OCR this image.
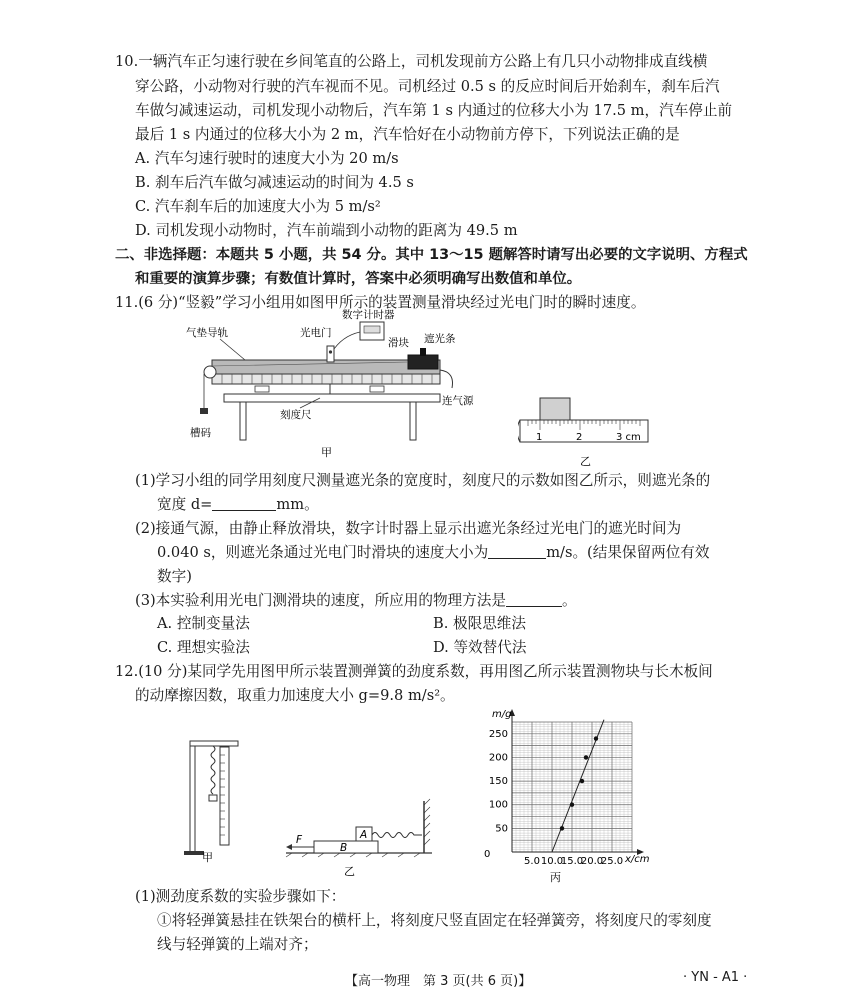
10.一辆汽车正匀速行驶在乡间笔直的公路上，司机发现前方公路上有几只小动物排成直线横
穿公路，小动物对行驶的汽车视而不见。司机经过 0.5 s 的反应时间后开始刹车，刹车后汽
车做匀减速运动，司机发现小动物后，汽车第 1 s 内通过的位移大小为 17.5 m，汽车停止前
最后 1 s 内通过的位移大小为 2 m，汽车恰好在小动物前方停下，下列说法正确的是
A. 汽车匀速行驶时的速度大小为 20 m/s
B. 刹车后汽车做匀减速运动的时间为 4.5 s
C. 汽车刹车后的加速度大小为 5 m/s²
D. 司机发现小动物时，汽车前端到小动物的距离为 49.5 m
二、非选择题：本题共 5 小题，共 54 分。其中 13～15 题解答时请写出必要的文字说明、方程式
和重要的演算步骤；有数值计算时，答案中必须明确写出数值和单位。
11.(6 分)“竖毅”学习小组用如图甲所示的装置测量滑块经过光电门时的瞬时速度。
气垫导轨	光电门
数字计时器
滑块 遮光条
连气源
槽码
刻度尺
甲
1	2	3 cm
乙
(1)学习小组的同学用刻度尺测量遮光条的宽度时，刻度尺的示数如图乙所示，则遮光条的
宽度 d=	mm。
(2)接通气源，由静止释放滑块，数字计时器上显示出遮光条经过光电门的遮光时间为
0.040 s，则遮光条通过光电门时滑块的速度大小为	m/s。(结果保留两位有效
数字)
(3)本实验利用光电门测滑块的速度，所应用的物理方法是	。
A. 控制变量法	B. 极限思维法
C. 理想实验法	D. 等效替代法
12.(10 分)某同学先用图甲所示装置测弹簧的劲度系数，再用图乙所示装置测物块与长木板间
的动摩擦因数，取重力加速度大小 g=9.8 m/s²。
甲
B
A
F
乙
m/g
x/cm
0
50
100
150
200
250
5.0 10.0
15.0
20.0
25.0
丙
(1)测劲度系数的实验步骤如下：
①将轻弹簧悬挂在铁架台的横杆上，将刻度尺竖直固定在轻弹簧旁，将刻度尺的零刻度
线与轻弹簧的上端对齐；
【高一物理　第 3 页(共 6 页)】	· YN - A1 ·
